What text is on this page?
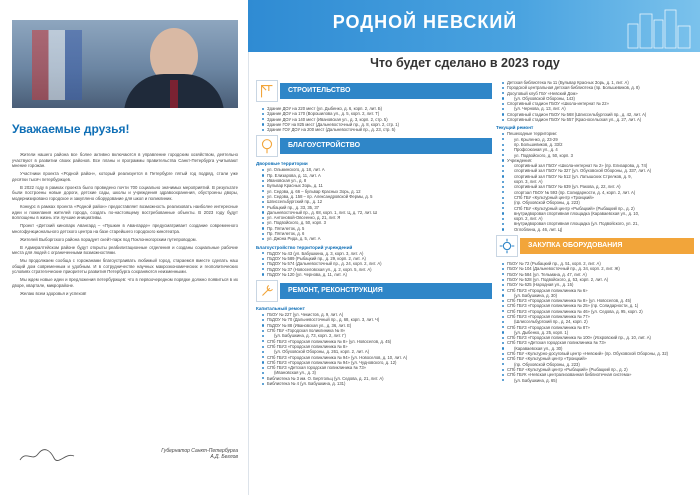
Уважаемые друзья!

Жители нашего района все более активно включаются в управление городским хозяйством, деятельно участвуют в развитии своих районов. Все планы и программы правительства Санкт-Петербурга учитывают мнение горожан.

Участники проекта «Родной район», который реализуется в Петербурге пятый год подряд, стали уже десятки тысяч петербуржцев.

В 2022 году в рамках проекта было проведено почти 700 социально значимых мероприятий. В результате были построены новые дороги, детские сады, школы и учреждения здравоохранения, обустроены дворы, модернизировано городское и закуплено оборудование для школ и поликлиник.

Конкурс в рамках проекта «Родной район» предоставляет возможность реализовать наиболее интересные идеи и пожелания жителей города, создать по-настоящему востребованные объекты. В 2023 году будут воплощены в жизнь эти лучшие инициативы.

Проект «Детский кинопарк Авангард – «Пушкин в Авангарде» предусматривает создание современного многофункционального детского центра на базе старейшего городского кинотеатра.

Жителей Выборгского района порадует скейт-парк под Поклонногорским путепроводом.

В Адмиралтейском районе будут открыты реабилитационные отделения и созданы социальные рабочие места для людей с ограниченными возможностями.

Мы продолжаем сообща с горожанами благоустраивать любимый город, стараемся вместе сделать наш общий дом современным и удобным. И в сотрудничестве научных макроэкономических и геополитических условиях стратегические приоритеты развития Петербурга сохраняются неизменными.

Мы ждем новые идеи и предложения петербуржцев: что в первоочередном порядке должно появиться в их дворе, квартале, микрорайоне.

Желаю всем здоровья и успехов!

Губернатор Санкт-Петербурга
А.Д. Беглов
РОДНОЙ НЕВСКИЙ
Что будет сделано в 2023 году
СТРОИТЕЛЬСТВО
Здание ДОУ на 220 мест (ул. Дыбенко, д. 6, корп. 2, лит. Б)
Здание ДОУ на 170 (Ворошилова ул., д. 5, корп. 2, лит. Т)
Здание ДОУ на 140 мест (Ивановская ул., д. 3, корп. 2, стр. 5)
Здание ГОУ на 825 мест (Дальневосточный пр., д. 8, корп. 2, стр. 1)
Здание ГОУ ДОУ на 200 мест (Дальневосточный пр., д. 23, стр. 5)
БЛАГОУСТРОЙСТВО
Дворовые территории
ул. Ольминского, д. 18, лит. А
Пр. Елизарова, д. 11, лит. А
Ивановская ул., д. 8
Бульвар Красных Зорь, д. 11
ул. Седова, д. 66 – бульвар Красных Зорь, д. 12
ул. Седова, д. 158 – пр. Александровской Фермы, д. 5
Шлиссельбургский пр., д. 12
Рыбацкий пр., д. 33, 35, 37
Дальневосточный пр., д. 68, корп. 1, лит. Ц, д. 72, лит. Ш
ул. Антоновой-Овсеенко, д. 21, лит. Я
ул. Подвойского, д. 50, корп. 3
Пр. Пятилеток, д. 5
Пр. Пятилеток, д. 6
ул. Джона Рида, д. 5, лит. А
Благоустройство территорий учреждений
ГБДОУ № 43 (ул. Бабушкина, д. 3, корп. 3, лит. А)
ГБДОУ № 589 (Рыбацкий пр., д. 29, корп. 2, лит. А)
ГБДОУ № 574 (Дальневосточный пр., д. 24, корп. 2, лит. А)
ГБДОУ № 37 (Новоселовская ул., д. 2, корп. 5, лит. А)
ГБДОУ № 120 (ул. Чернова, д. 11, лит. А)
РЕМОНТ, РЕКОНСТРУКЦИЯ
Капитальный ремонт
ГБОУ № 227 (ул. Чекистов, д. 9, лит. А)
ГБДОУ № 70 (Дальневосточный пр., д. 68, корп. 3, лит. Ч)
ГБДОУ № 88 (Ивановская ул., д. 36, лит. Е)
СПб ГБУ «Городская поликлиника № 8»
(ул. Бабушкина, д. 73, корп. 2, лит. Г)
СПб ГБУЗ «Городская поликлиника № 8» (ул. Новоселов, д. 45)
СПб ГБУЗ «Городская поликлиника № 8»
(ул. Обуховской Обороны, д. 261, корп. 2, лит. А)
СПб ГБУЗ «Городская поликлиника № 94» (ул. Новоселов, д. 10, лит. А)
СПб ГБУЗ «Городская поликлиника № 94» (ул. Чудновского, д. 12)
СПб ГБУЗ «Детская городская поликлиника № 73»
(Ивановская ул., д. 3)
Библиотека № 3 им. О. Берггольц (ул. Седова, д. 21, лит. А)
Библиотека № 4 (ул. Бабушкина, д. 131)
Детская библиотека № 11 (Бульвар Красных Зорь, д. 1, лит. А)
Городской центральная детская библиотека (пр. Большевиков, д. 8)
Досуговый клуб ГБУ «Невский Дом»
(ул. Обуховской Обороны, 143)
Спортивный стадион ГБОУ «Школа-интернат № 22»
(ул. Чернова, д. 13, лит. А)
Спортивный стадион ГБОУ № 568 (Шлиссельбургский пр., д. 42, лит. А)
Спортивный стадион ГБОУ № 557 (Красносельская ул., д. 27, лит. А)
Текущий ремонт
Пешеходные территории:
ул. Крыленко, д. 23-29
пр. Большевиков, д. 33/2
Профсоюзная ул., д. 4
ул. Подвойского, д. 50, корп. 3
Учреждения:
спортивный зал ГБОУ «Школа-интернат № 2» (пр. Елизарова, д. 74)
спортивный зал ГБОУ № 327 (ул. Обуховской Обороны, д. 337, лит. А)
спортивный зал ГБОУ № 512 (ул. Латышских Стрелков, д. 9,
корп. 3, лит. А)
спортивный зал ГБОУ № 639 (ул. Ракова, д. 22, лит. А)
спортзал ГБОУ № 593 (пр. Солидарности, д. 4, корп. 2, лит. А)
СПб ГБУ «Культурный центр «Троицкий»
(пр. Обуховской Обороны, д. 223)
СПб ГБУ «Культурный центр «Рыбацкий» (Рыбацкий пр., д. 2)
внутридворовая спортивная площадка (Караваевская ул., д. 10,
корп. 2, лит. А)
внутридворовая спортивная площадка (ул. Подвойского, ул. 21,
Оглоблина, д. 46, лит. Ц)
ЗАКУПКА ОБОРУДОВАНИЯ
ГБОУ № 72 (Рыбацкий пр., д. 51, корп. 2, лит. А)
ГБОУ № 104 (Дальневосточный пр., д. 34, корп. 2, лит. Ж)
ГБОУ № 584 (ул. Тельмана, д. 47, лит. А)
ГБОУ № 528 (ул. Подвойского, д. 53, корп. 2, лит. А)
ГБОУ № 625 (Народная ул., д. 15)
СПб ГБУЗ «Городская поликлиника № 6»
(ул. Бабушкина, д. 30)
СПб ГБУЗ «Городская поликлиника № 8» (ул. Новоселов, д. 45)
СПб ГБУЗ «Городская поликлиника № 25» (пр. Солидарности, д. 1)
СПб ГБУЗ «Городская поликлиника № 46» (ул. Седова, д. 95, корп. 2)
СПб ГБУЗ «Городская поликлиника № 77»
(Шлиссельбургский пр., д. 24, корп. 2)
СПб ГБУЗ «Городская поликлиника № 87»
(ул. Дыбенко, д. 25, корп. 1)
СПб ГБУЗ «Городская поликлиника № 100» (Искровский пр., д. 10, лит. А)
СПб ГБУЗ «Детская городская поликлиника № 73»
(Караваевская ул., д. 30)
СПб ГБУ «Культурно-досуговый центр «Невский» (пр. Обуховской Обороны, д. 32)
СПб ГБУ «Культурный центр «Троицкий»
(пр. Обуховской Обороны, д. 223)
СПб ГБУ «Культурный центр «Рыбацкий» (Рыбацкий пр., д. 2)
СПб ГБУК «Невская централизованная библиотечная система»
(ул. Бабушкина, д. 65)
